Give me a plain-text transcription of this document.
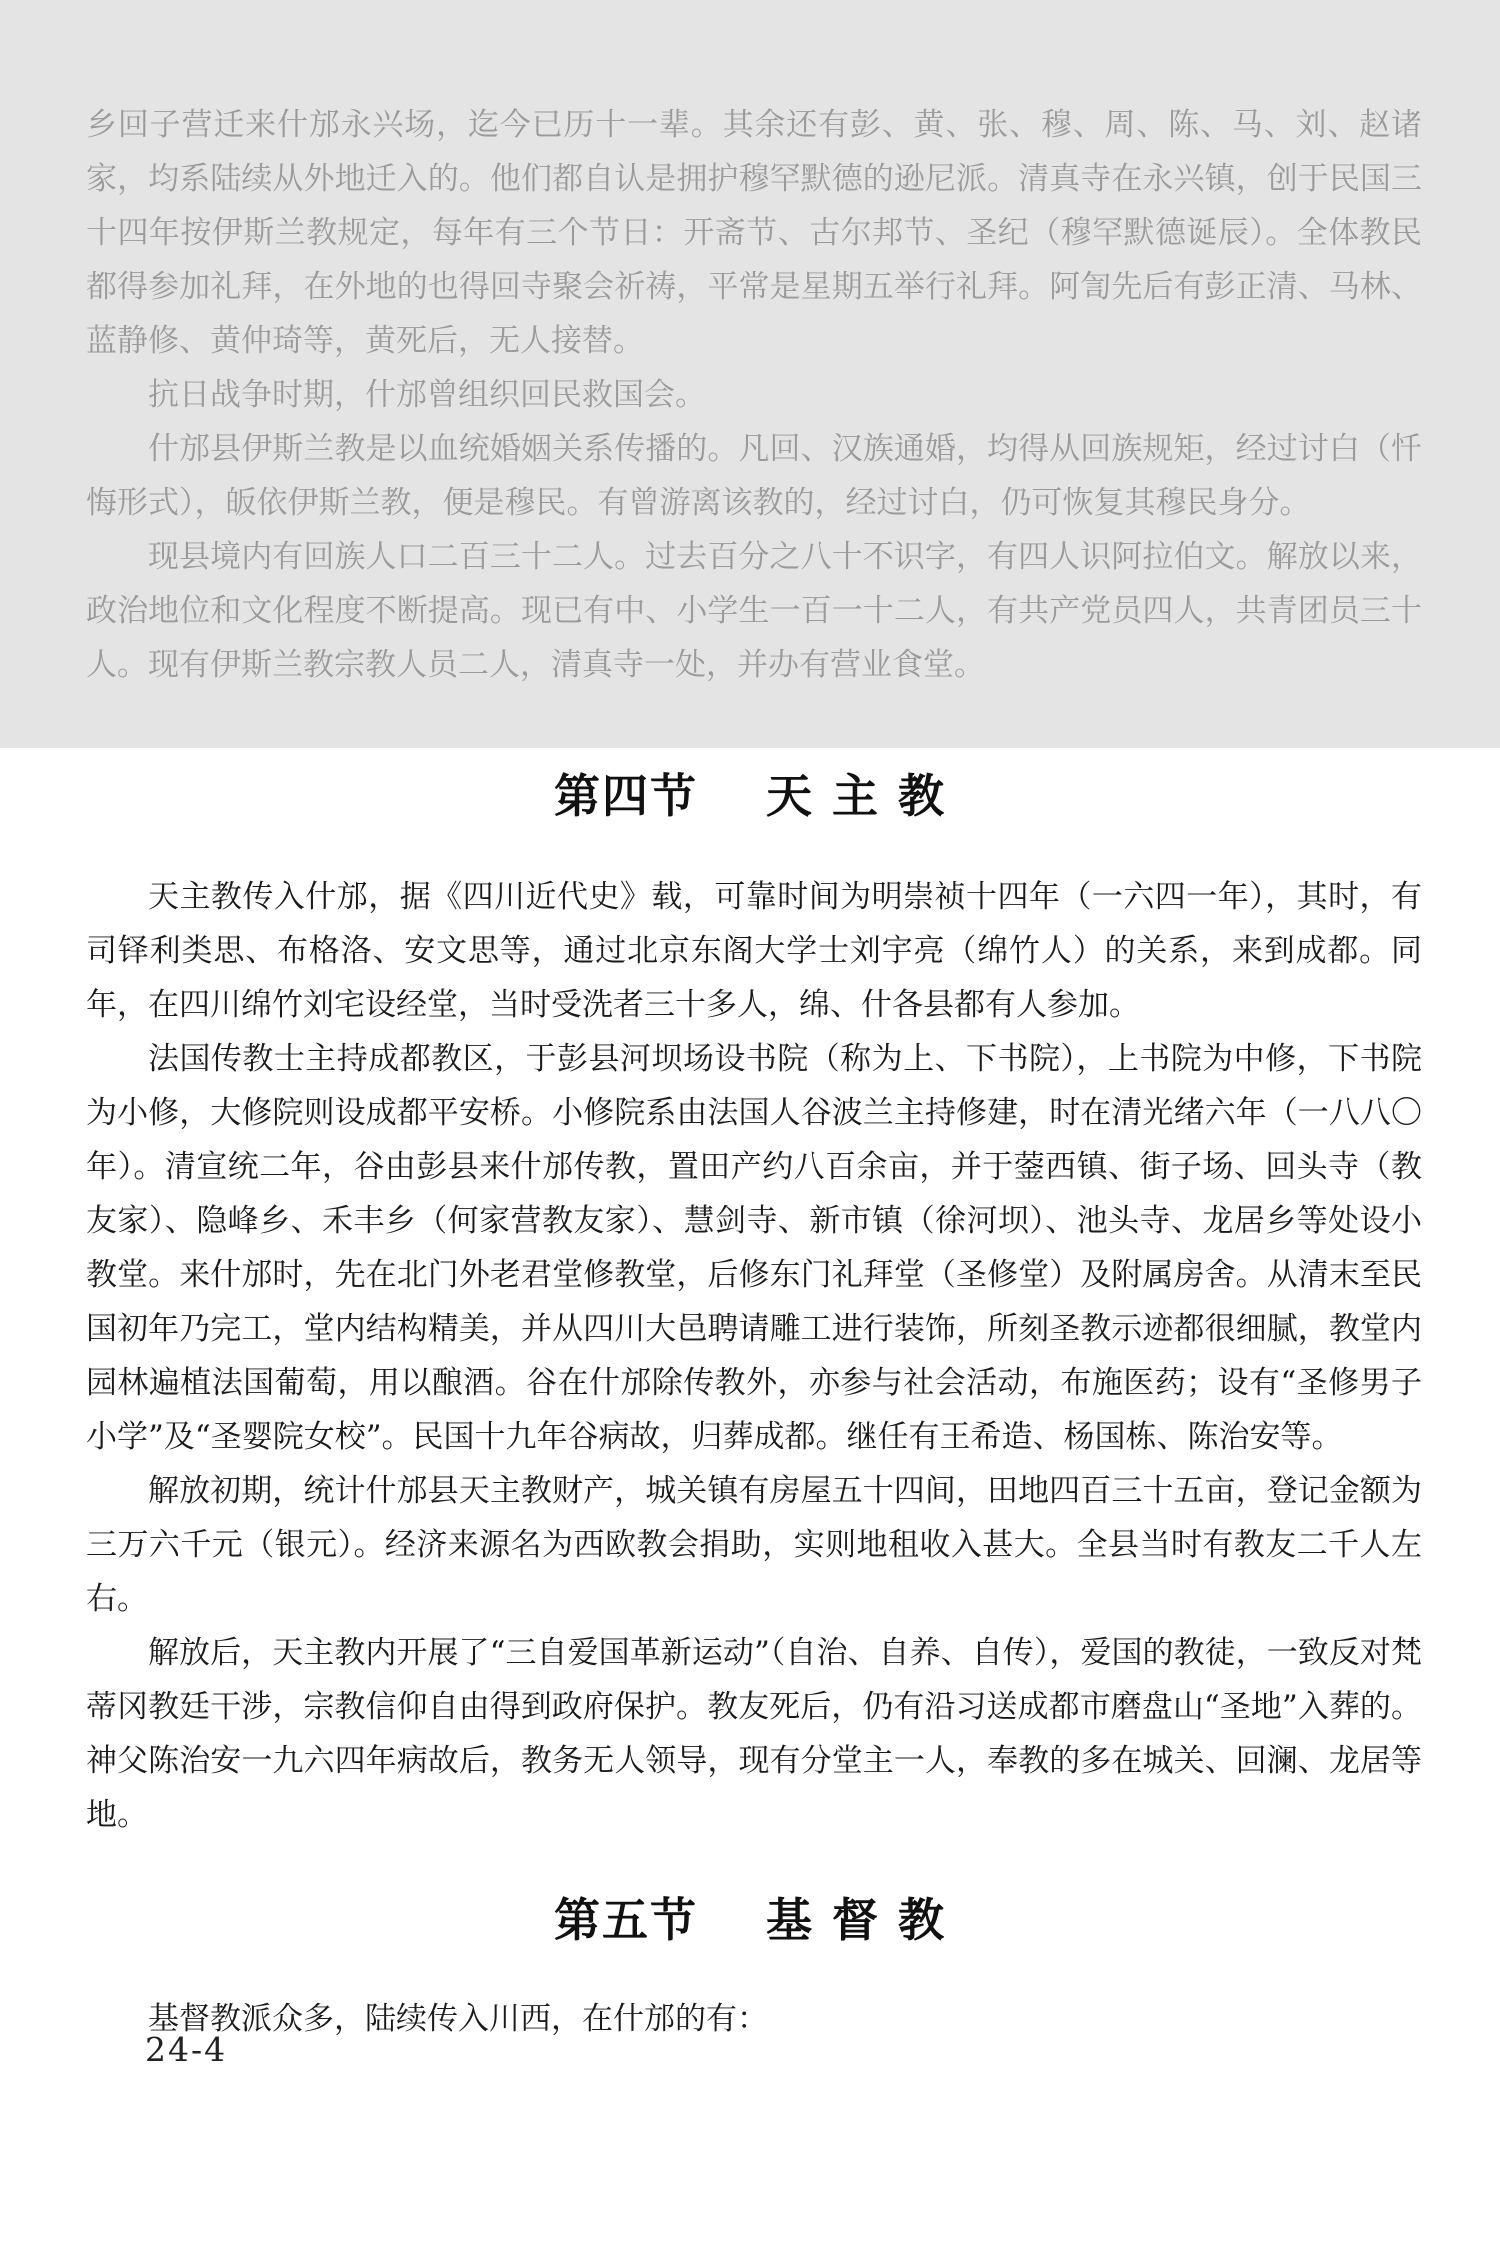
乡回子营迁来什邡永兴场，迄今已历十一辈。其余还有彭、黄、张、穆、周、陈、马、刘、赵诸家，均系陆续从外地迁入的。他们都自认是拥护穆罕默德的逊尼派。清真寺在永兴镇，创于民国三十四年按伊斯兰教规定，每年有三个节日：开斋节、古尔邦节、圣纪（穆罕默德诞辰）。全体教民都得参加礼拜，在外地的也得回寺聚会祈祷，平常是星期五举行礼拜。阿訇先后有彭正清、马林、蓝静修、黄仲琦等，黄死后，无人接替。

抗日战争时期，什邡曾组织回民救国会。

什邡县伊斯兰教是以血统婚姻关系传播的。凡回、汉族通婚，均得从回族规矩，经过讨白（忏悔形式），皈依伊斯兰教，便是穆民。有曾游离该教的，经过讨白，仍可恢复其穆民身分。

现县境内有回族人口二百三十二人。过去百分之八十不识字，有四人识阿拉伯文。解放以来，政治地位和文化程度不断提高。现已有中、小学生一百一十二人，有共产党员四人，共青团员三十人。现有伊斯兰教宗教人员二人，清真寺一处，并办有营业食堂。

第四节 天 主 教

天主教传入什邡，据《四川近代史》载，可靠时间为明崇祯十四年（一六四一年），其时，有司铎利类思、布格洛、安文思等，通过北京东阁大学士刘宇亮（绵竹人）的关系，来到成都。同年，在四川绵竹刘宅设经堂，当时受洗者三十多人，绵、什各县都有人参加。

法国传教士主持成都教区，于彭县河坝场设书院（称为上、下书院），上书院为中修，下书院为小修，大修院则设成都平安桥。小修院系由法国人谷波兰主持修建，时在清光绪六年（一八八〇年）。清宣统二年，谷由彭县来什邡传教，置田产约八百余亩，并于蓥西镇、街子场、回头寺（教友家）、隐峰乡、禾丰乡（何家营教友家）、慧剑寺、新市镇（徐河坝）、池头寺、龙居乡等处设小教堂。来什邡时，先在北门外老君堂修教堂，后修东门礼拜堂（圣修堂）及附属房舍。从清末至民国初年乃完工，堂内结构精美，并从四川大邑聘请雕工进行装饰，所刻圣教示迹都很细腻，教堂内园林遍植法国葡萄，用以酿酒。谷在什邡除传教外，亦参与社会活动，布施医药；设有“圣修男子小学”及“圣婴院女校”。民国十九年谷病故，归葬成都。继任有王希造、杨国栋、陈治安等。

解放初期，统计什邡县天主教财产，城关镇有房屋五十四间，田地四百三十五亩，登记金额为三万六千元（银元）。经济来源名为西欧教会捐助，实则地租收入甚大。全县当时有教友二千人左右。

解放后，天主教内开展了“三自爱国革新运动”（自治、自养、自传），爱国的教徒，一致反对梵蒂冈教廷干涉，宗教信仰自由得到政府保护。教友死后，仍有沿习送成都市磨盘山“圣地”入葬的。神父陈治安一九六四年病故后，教务无人领导，现有分堂主一人，奉教的多在城关、回澜、龙居等地。

第五节 基 督 教

基督教派众多，陆续传入川西，在什邡的有：

24-4
